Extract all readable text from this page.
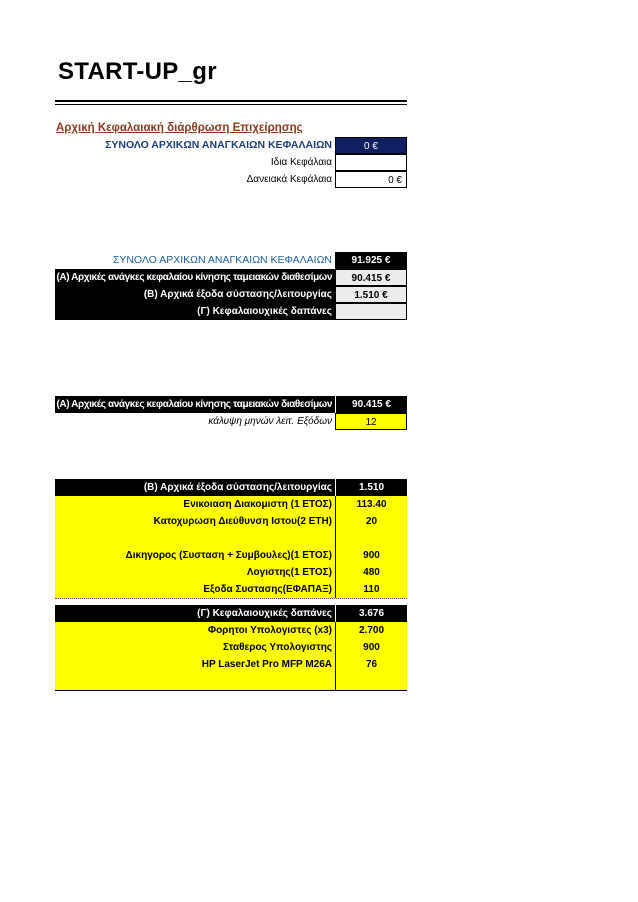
START-UP_gr
Αρχική Κεφαλαιακή διάρθρωση Επιχείρησης
ΣΥΝΟΛΟ ΑΡΧΙΚΩΝ ΑΝΑΓΚΑΙΩΝ ΚΕΦΑΛΑΙΩΝ	0 €
Ιδια Κεφάλαια
Δανειακά Κεφάλαια	0 €
ΣΥΝΟΛΟ ΑΡΧΙΚΩΝ ΑΝΑΓΚΑΙΩΝ ΚΕΦΑΛΑΙΩΝ	91.925 €
(Α) Αρχικές ανάγκες κεφαλαίου κίνησης ταμειακών διαθεσίμων	90.415 €
(Β) Αρχικά έξοδα σύστασης/λειτουργίας	1.510 €
(Γ) Κεφαλαιουχικές δαπάνες
(Α) Αρχικές ανάγκες κεφαλαίου κίνησης ταμειακών διαθεσίμων	90.415 €
κάλυψη μηνών λειτ. Εξόδων	12
(Β) Αρχικά έξοδα σύστασης/λειτουργίας	1.510
Ενικοιαση Διακομιστη (1 ΕΤΟΣ)	113.40
Κατοχυρωση Διεύθυνση Ιστου(2 ΕΤΗ)	20
Δικηγορος (Συσταση + Συμβουλες)(1 ΕΤΟΣ)	900
Λογιστης(1 ΕΤΟΣ)	480
Εξοδα Συστασης(ΕΦΑΠΑΞ)	110
(Γ) Κεφαλαιουχικές δαπάνες	3.676
Φορητοι Υπολογιστες (x3)	2.700
Σταθερος Υπολογιστης	900
HP LaserJet Pro MFP M26A	76
